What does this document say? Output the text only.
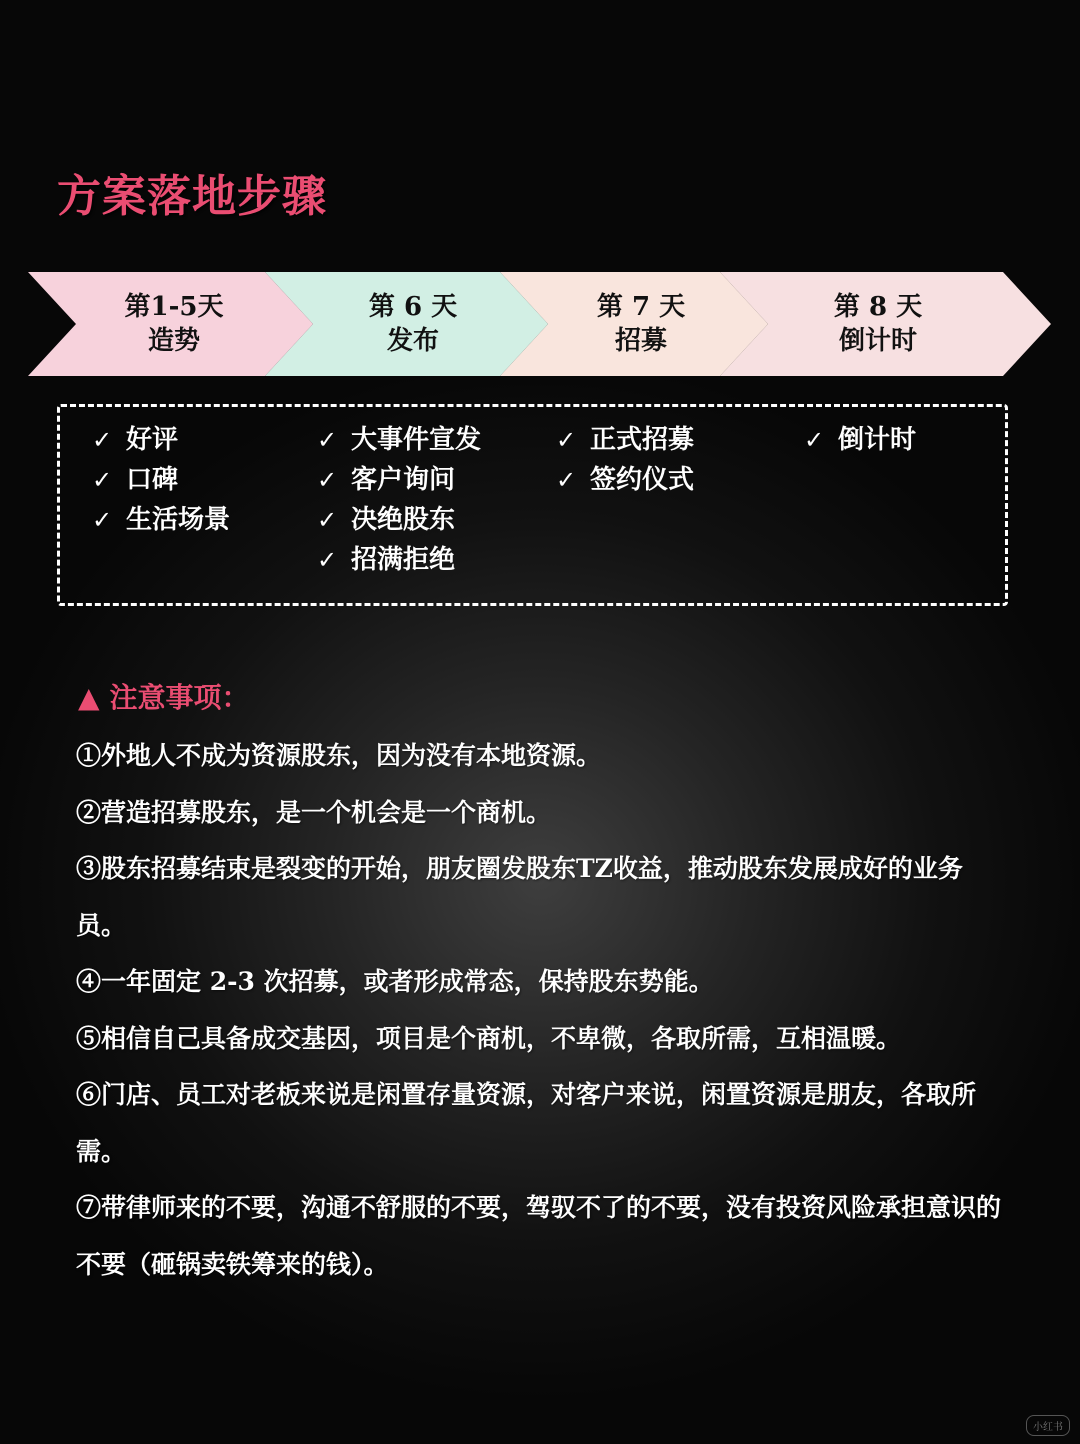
方案落地步骤
第1-5天
造势
第 6 天
发布
第 7 天
招募
第 8 天
倒计时
✓ 好评
✓ 口碑
✓ 生活场景
✓ 大事件宣发
✓ 客户询问
✓ 决绝股东
✓ 招满拒绝
✓ 正式招募
✓ 签约仪式
✓ 倒计时
▲ 注意事项：
①外地人不成为资源股东，因为没有本地资源。
②营造招募股东，是一个机会是一个商机。
③股东招募结束是裂变的开始，朋友圈发股东TZ收益，推动股东发展成好的业务员。
④一年固定 2-3 次招募，或者形成常态，保持股东势能。
⑤相信自己具备成交基因，项目是个商机，不卑微，各取所需，互相温暖。
⑥门店、员工对老板来说是闲置存量资源，对客户来说，闲置资源是朋友，各取所需。
⑦带律师来的不要，沟通不舒服的不要，驾驭不了的不要，没有投资风险承担意识的不要（砸锅卖铁筹来的钱）。
小红书
